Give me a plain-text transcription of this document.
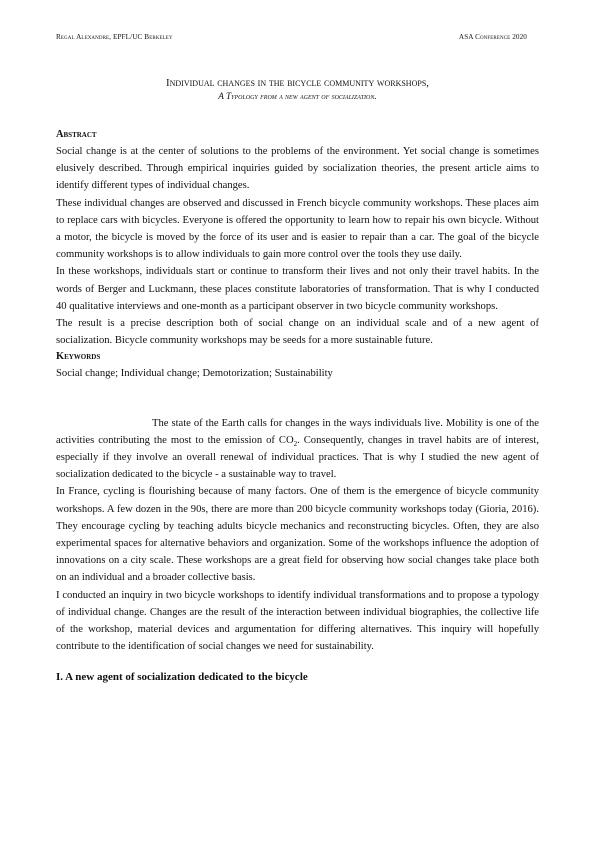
Regal Alexandre, EPFL/UC Berkeley	ASA Conference 2020
Individual changes in the bicycle community workshops,
A Typology from a new agent of socialization.
Abstract

Social change is at the center of solutions to the problems of the environment. Yet social change is sometimes elusively described. Through empirical inquiries guided by socialization theories, the present article aims to identify different types of individual changes.

These individual changes are observed and discussed in French bicycle community workshops. These places aim to replace cars with bicycles. Everyone is offered the opportunity to learn how to repair his own bicycle. Without a motor, the bicycle is moved by the force of its user and is easier to repair than a car. The goal of the bicycle community workshops is to allow individuals to gain more control over the tools they use daily.

In these workshops, individuals start or continue to transform their lives and not only their travel habits. In the words of Berger and Luckmann, these places constitute laboratories of transformation. That is why I conducted 40 qualitative interviews and one-month as a participant observer in two bicycle community workshops.

The result is a precise description both of social change on an individual scale and of a new agent of socialization. Bicycle community workshops may be seeds for a more sustainable future.

Keywords

Social change; Individual change; Demotorization; Sustainability

The state of the Earth calls for changes in the ways individuals live. Mobility is one of the activities contributing the most to the emission of $CO_2$. Consequently, changes in travel habits are of interest, especially if they involve an overall renewal of individual practices. That is why I studied the new agent of socialization dedicated to the bicycle - a sustainable way to travel.

In France, cycling is flourishing because of many factors. One of them is the emergence of bicycle community workshops. A few dozen in the 90s, there are more than 200 bicycle community workshops today (Gioria, 2016). They encourage cycling by teaching adults bicycle mechanics and reconstructing bicycles. Often, they are also experimental spaces for alternative behaviors and organization. Some of the workshops influence the adoption of innovations on a city scale. These workshops are a great field for observing how social changes take place both on an individual and a broader collective basis.

I conducted an inquiry in two bicycle workshops to identify individual transformations and to propose a typology of individual change. Changes are the result of the interaction between individual biographies, the collective life of the workshop, material devices and argumentation for differing alternatives. This inquiry will hopefully contribute to the identification of social changes we need for sustainability.

I. A new agent of socialization dedicated to the bicycle
